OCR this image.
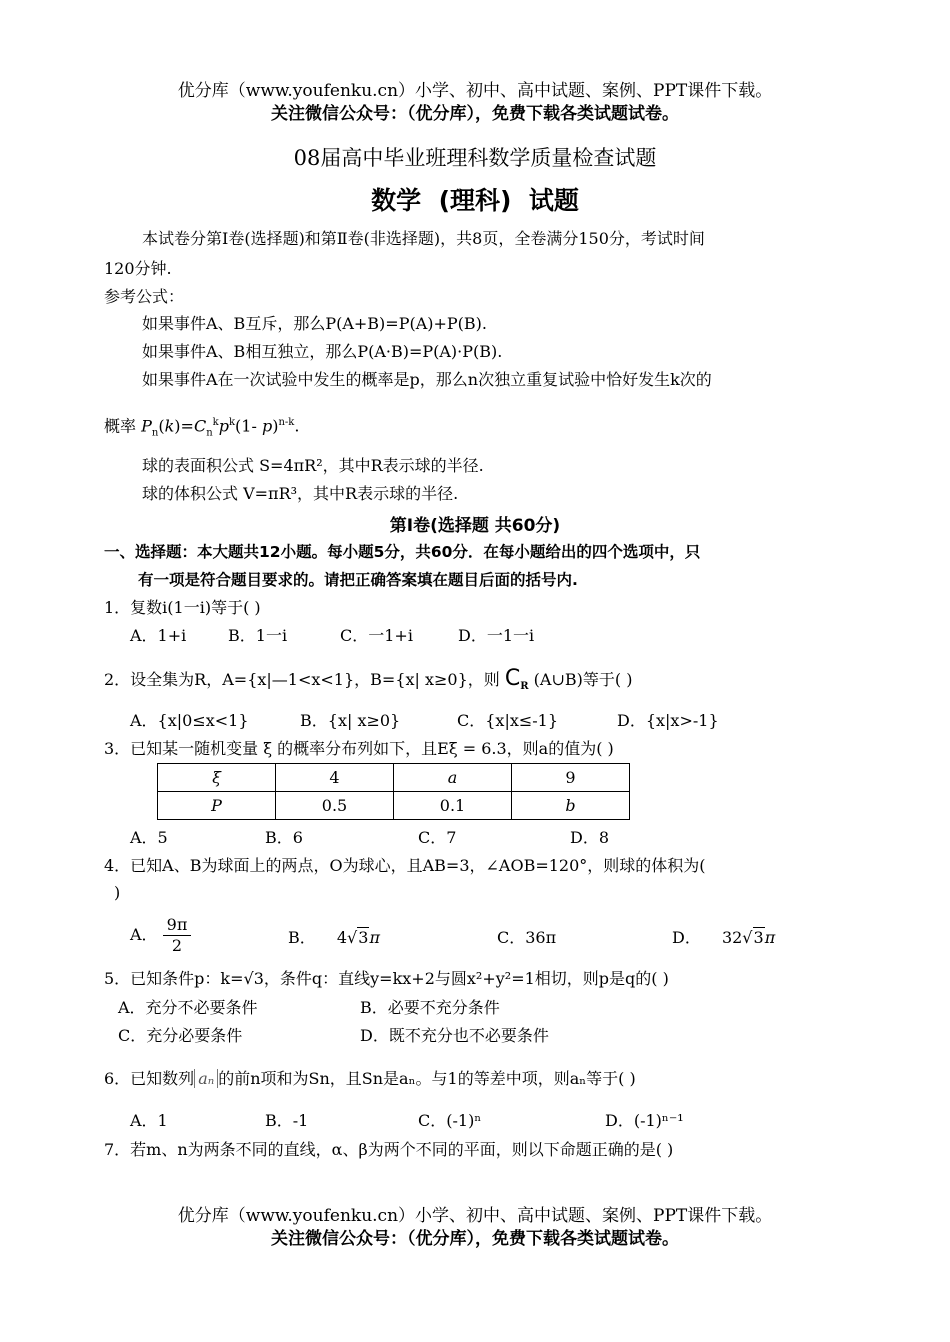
优分库（www.youfenku.cn）小学、初中、高中试题、案例、PPT课件下载。
关注微信公众号：（优分库），免费下载各类试题试卷。
08届高中毕业班理科数学质量检查试题
数学  (理科)  试题
本试卷分第Ⅰ卷(选择题)和第Ⅱ卷(非选择题)，共8页，全卷满分150分，考试时间
120分钟.
参考公式：
如果事件A、B互斥，那么P(A+B)=P(A)+P(B).
如果事件A、B相互独立，那么P(A·B)=P(A)·P(B).
如果事件A在一次试验中发生的概率是p，那么n次独立重复试验中恰好发生k次的
概率 $P_n(k)=C_n^kp^k(1-$ p)$^{n-k}$.
球的表面积公式 S=4πR²，其中R表示球的半径.
球的体积公式 V=πR³，其中R表示球的半径.
第Ⅰ卷(选择题 共60分)
一、选择题：本大题共12小题。每小题5分，共60分．在每小题给出的四个选项中，只
有一项是符合题目要求的。请把正确答案填在题目后面的括号内.
1．复数i(1一i)等于( )
A．1+i	B．1一i	C．一1+i	D．一1一i
2．设全集为R，A={x|—1<x<1}，B={x| x≥0}，则 $C_R$ (A∪B)等于( )
A．{x|0≤x<1}	B．{x| x≥0}	C．{x|x≤-1}	D．{x|x>-1}
3．已知某一随机变量 ξ 的概率分布列如下，且Eξ = 6.3，则a的值为( )
ξ	4	a	9
P	0.5	0.1	b
A．5	B．6	C．7	D．8
4．已知A、B为球面上的两点，O为球心，且AB=3，∠AOB=120°，则球的体积为(
)
A． $\frac{9\pi}{2}$	B． 4√3π	C．36π	D． 32√3π
5．已知条件p：k=√3，条件q：直线y=kx+2与圆x²+y²=1相切，则p是q的( )
A．充分不必要条件	B．必要不充分条件
C．充分必要条件	D．既不充分也不必要条件
6．已知数列 aₙ 的前n项和为Sn，且Sn是aₙ。与1的等差中项，则aₙ等于( )
A．1	B．-1	C．(-1)ⁿ	D．(-1)ⁿ⁻¹
7．若m、n为两条不同的直线，α、β为两个不同的平面，则以下命题正确的是( )
优分库（www.youfenku.cn）小学、初中、高中试题、案例、PPT课件下载。
关注微信公众号：（优分库），免费下载各类试题试卷。
